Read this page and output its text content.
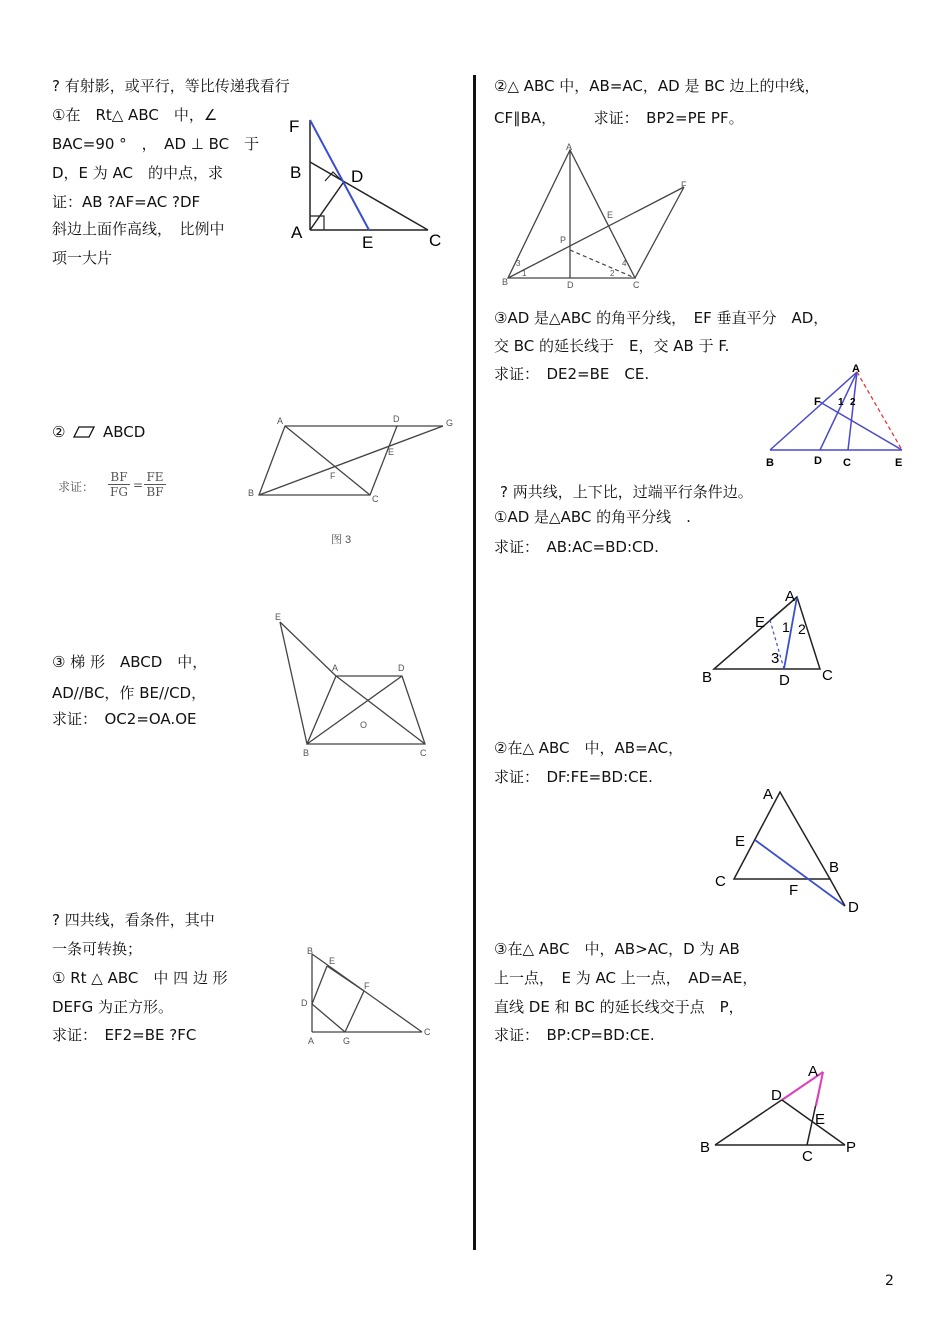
? 有射影，或平行，等比传递我看行
①在　Rt△ ABC　中，∠
BAC=90 °　，　AD ⊥ BC　于
D，E 为 AC　的中点，求
证：AB ?AF=AC ?DF
斜边上面作高线，　比例中
项一大片
F
B	D
A
E	C
②	ABCD
求证：
BF
FG =
FE
BF
A	D	G
E
F
B
C
图 3
③ 梯 形　ABCD　中，
AD//BC，作 BE//CD，
求证：　OC2=OA.OE
E
A	D
O
B	C
? 四共线，看条件，其中
一条可转换；
① Rt △ ABC　中 四 边 形
DEFG 为正方形。
求证：　EF2=BE ?FC
B
E
F
D
A	G
C
②△ ABC 中，AB=AC，AD 是 BC 边上的中线，
CF∥BA，　　　求证：　BP2=PE PF。
A
F
E
P
B	D	C
1	2
3	4
③AD 是△ABC 的角平分线，　EF 垂直平分　AD，
交 BC 的延长线于　E，交 AB 于 F.
求证：　DE2=BE　CE.	A
F 1 2
B	D C	E
? 两共线，上下比，过端平行条件边。
①AD 是△ABC 的角平分线　.
求证：　AB:AC=BD:CD.
A
E 1 2
3
B	D C
②在△ ABC　中，AB=AC，
求证：　DF:FE=BD:CE.
A
E
B
C
F
D
③在△ ABC　中，AB>AC，D 为 AB
上一点，　E 为 AC 上一点，　AD=AE，
直线 DE 和 BC 的延长线交于点　P，
求证：　BP:CP=BD:CE.
A
D
E
B
C
P
2
